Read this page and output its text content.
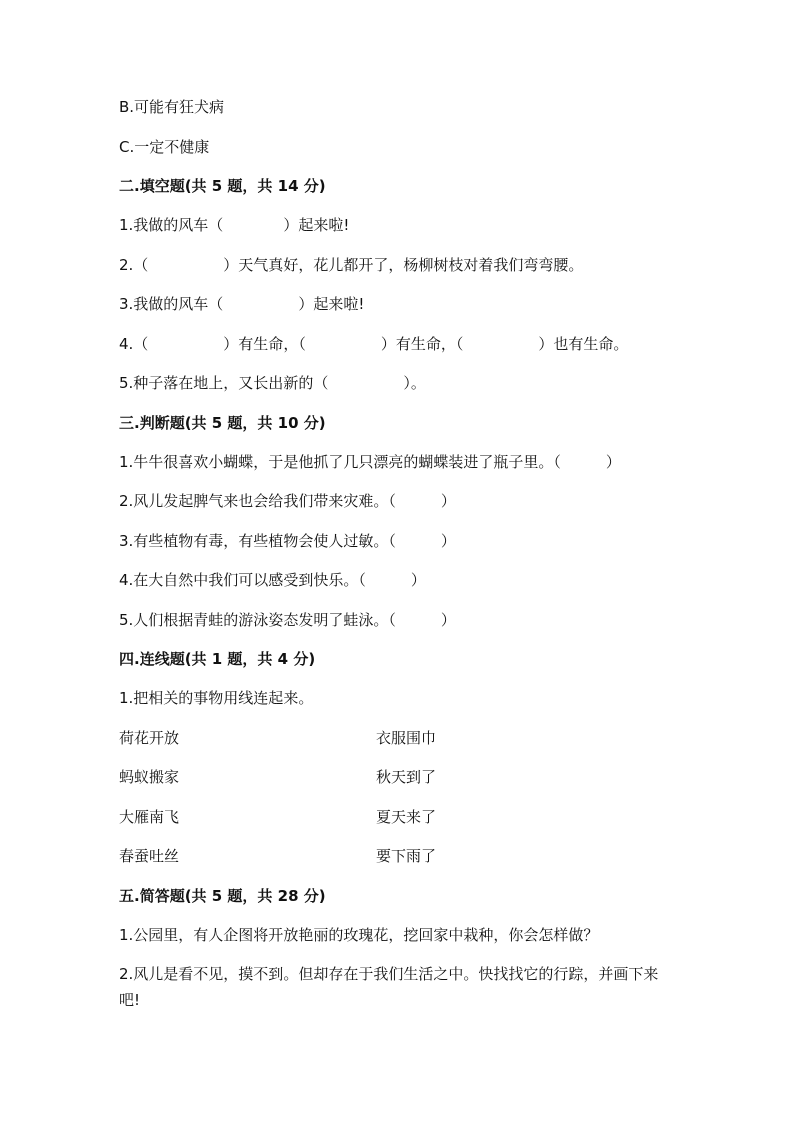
B.可能有狂犬病
C.一定不健康
二.填空题(共 5 题，共 14 分)
1.我做的风车（　　　　）起来啦!
2.（　　　　　）天气真好，花儿都开了，杨柳树枝对着我们弯弯腰。
3.我做的风车（　　　　　）起来啦!
4.（　　　　　）有生命，（　　　　　）有生命，（　　　　　）也有生命。
5.种子落在地上，又长出新的（　　　　　）。
三.判断题(共 5 题，共 10 分)
1.牛牛很喜欢小蝴蝶，于是他抓了几只漂亮的蝴蝶装进了瓶子里。（　　　）
2.风儿发起脾气来也会给我们带来灾难。（　　　）
3.有些植物有毒，有些植物会使人过敏。（　　　）
4.在大自然中我们可以感受到快乐。（　　　）
5.人们根据青蛙的游泳姿态发明了蛙泳。（　　　）
四.连线题(共 1 题，共 4 分)
1.把相关的事物用线连起来。
荷花开放	衣服围巾
蚂蚁搬家	秋天到了
大雁南飞	夏天来了
春蚕吐丝	要下雨了
五.简答题(共 5 题，共 28 分)
1.公园里，有人企图将开放艳丽的玫瑰花，挖回家中栽种，你会怎样做？
2.风儿是看不见，摸不到。但却存在于我们生活之中。快找找它的行踪，并画下来吧!
